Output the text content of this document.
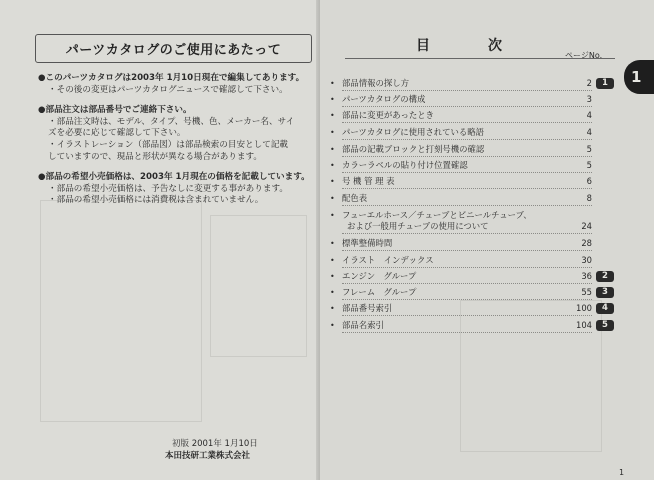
パーツカタログのご使用にあたって
●このパーツカタログは2003年 1月10日現在で編集してあります。
・その後の変更はパーツカタログニュースで確認して下さい。
●部品注文は部品番号でご連絡下さい。
・部品注文時は、モデル、タイプ、号機、色、メーカー名、サイ
ズを必要に応じて確認して下さい。
・イラストレーション（部品図）は部品検索の目安として記載
していますので、現品と形状が異なる場合があります。
●部品の希望小売価格は、2003年 1月現在の価格を記載しています。
・部品の希望小売価格は、予告なしに変更する事があります。
・部品の希望小売価格には消費税は含まれていません。
初版 2001年 1月10日
本田技研工業株式会社
目　次
ページNo.
• 部品情報の探し方	2	1
• パーツカタログの構成	3
• 部品に変更があったとき	4
• パーツカタログに使用されている略語	4
• 部品の記載ブロックと打刻号機の確認	5
• カラーラベルの貼り付け位置確認	5
• 号 機 管 理 表	6
• 配色表	8
• フューエルホース／チューブとビニールチューブ、
および一般用チューブの使用について	24
• 標準整備時間	28
• イラスト　インデックス	30
• エンジン　グループ	36	2
• フレーム　グループ	55	3
• 部品番号索引	100	4
• 部品名索引	104	5
1
1
